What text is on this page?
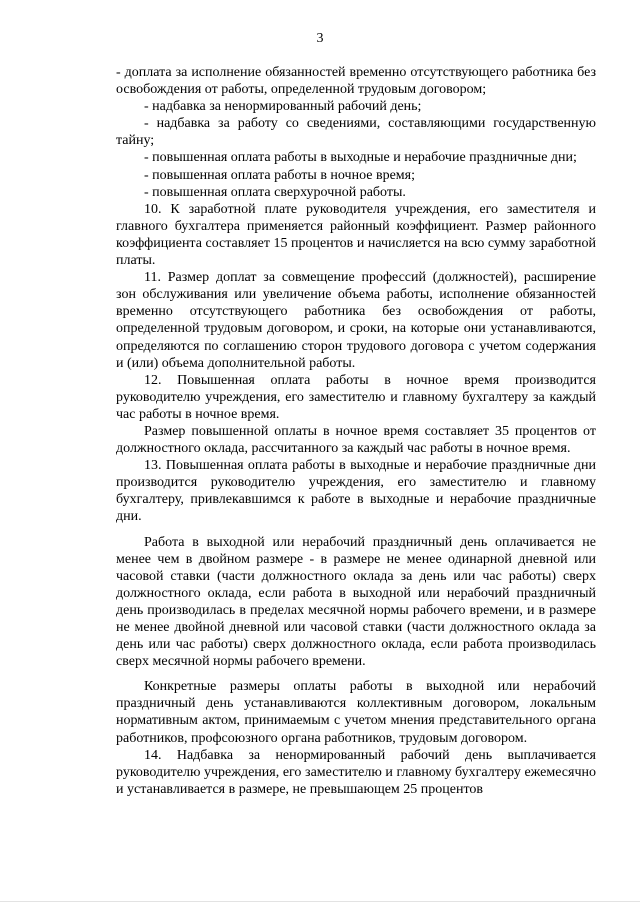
3

- доплата за исполнение обязанностей временно отсутствующего работника без освобождения от работы, определенной трудовым договором;

- надбавка за ненормированный рабочий день;

- надбавка за работу со сведениями, составляющими государственную тайну;

- повышенная оплата работы в выходные и нерабочие праздничные дни;

- повышенная оплата работы в ночное время;

- повышенная оплата сверхурочной работы.

10. К заработной плате руководителя учреждения, его заместителя и главного бухгалтера применяется районный коэффициент. Размер районного коэффициента составляет 15 процентов и начисляется на всю сумму заработной платы.

11. Размер доплат за совмещение профессий (должностей), расширение зон обслуживания или увеличение объема работы, исполнение обязанностей временно отсутствующего работника без освобождения от работы, определенной трудовым договором, и сроки, на которые они устанавливаются, определяются по соглашению сторон трудового договора с учетом содержания и (или) объема дополнительной работы.

12. Повышенная оплата работы в ночное время производится руководителю учреждения, его заместителю и главному бухгалтеру за каждый час работы в ночное время.

Размер повышенной оплаты в ночное время составляет 35 процентов от должностного оклада, рассчитанного за каждый час работы в ночное время.

13. Повышенная оплата работы в выходные и нерабочие праздничные дни производится руководителю учреждения, его заместителю и главному бухгалтеру, привлекавшимся к работе в выходные и нерабочие праздничные дни.

Работа в выходной или нерабочий праздничный день оплачивается не менее чем в двойном размере - в размере не менее одинарной дневной или часовой ставки (части должностного оклада за день или час работы) сверх должностного оклада, если работа в выходной или нерабочий праздничный день производилась в пределах месячной нормы рабочего времени, и в размере не менее двойной дневной или часовой ставки (части должностного оклада за день или час работы) сверх должностного оклада, если работа производилась сверх месячной нормы рабочего времени.

Конкретные размеры оплаты работы в выходной или нерабочий праздничный день устанавливаются коллективным договором, локальным нормативным актом, принимаемым с учетом мнения представительного органа работников, профсоюзного органа работников, трудовым договором.

14. Надбавка за ненормированный рабочий день выплачивается руководителю учреждения, его заместителю и главному бухгалтеру ежемесячно и устанавливается в размере, не превышающем 25 процентов
